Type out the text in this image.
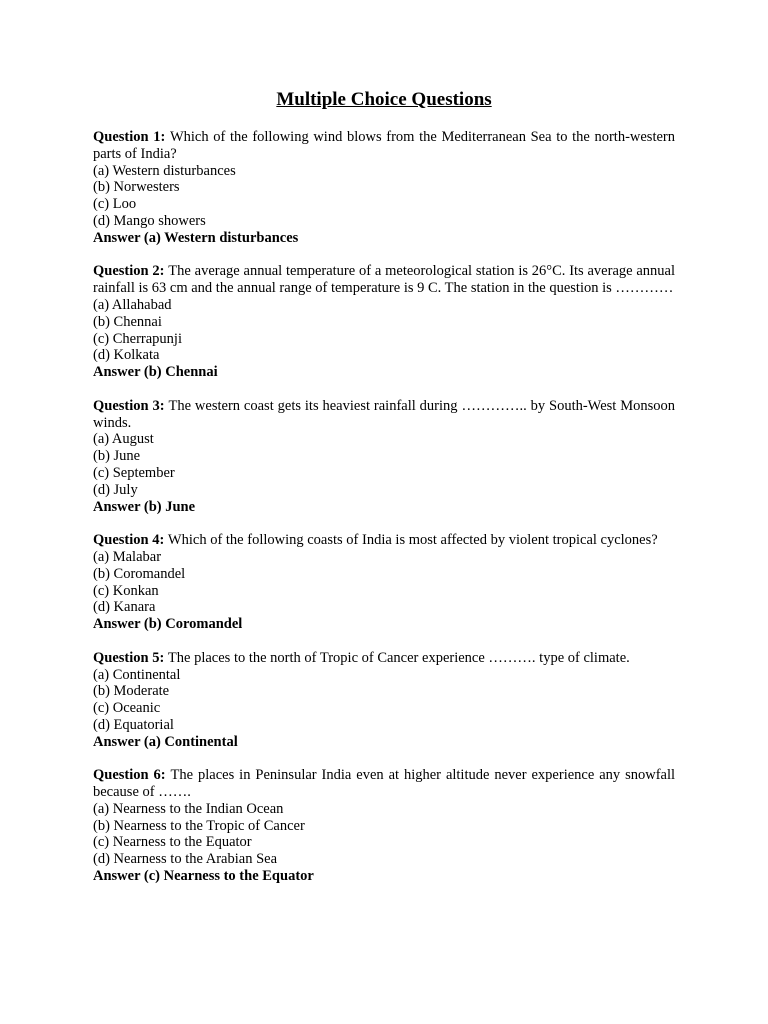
Multiple Choice Questions
Question 1: Which of the following wind blows from the Mediterranean Sea to the north-western parts of India?
(a) Western disturbances
(b) Norwesters
(c) Loo
(d) Mango showers
Answer (a) Western disturbances
Question 2: The average annual temperature of a meteorological station is 26°C. Its average annual rainfall is 63 cm and the annual range of temperature is 9 C. The station in the question is …………
(a) Allahabad
(b) Chennai
(c) Cherrapunji
(d) Kolkata
Answer (b) Chennai
Question 3: The western coast gets its heaviest rainfall during ………….. by South-West Monsoon winds.
(a) August
(b) June
(c) September
(d) July
Answer (b) June
Question 4: Which of the following coasts of India is most affected by violent tropical cyclones?
(a) Malabar
(b) Coromandel
(c) Konkan
(d) Kanara
Answer (b) Coromandel
Question 5: The places to the north of Tropic of Cancer experience ………. type of climate.
(a) Continental
(b) Moderate
(c) Oceanic
(d) Equatorial
Answer (a) Continental
Question 6: The places in Peninsular India even at higher altitude never experience any snowfall because of …….
(a) Nearness to the Indian Ocean
(b) Nearness to the Tropic of Cancer
(c) Nearness to the Equator
(d) Nearness to the Arabian Sea
Answer (c) Nearness to the Equator
